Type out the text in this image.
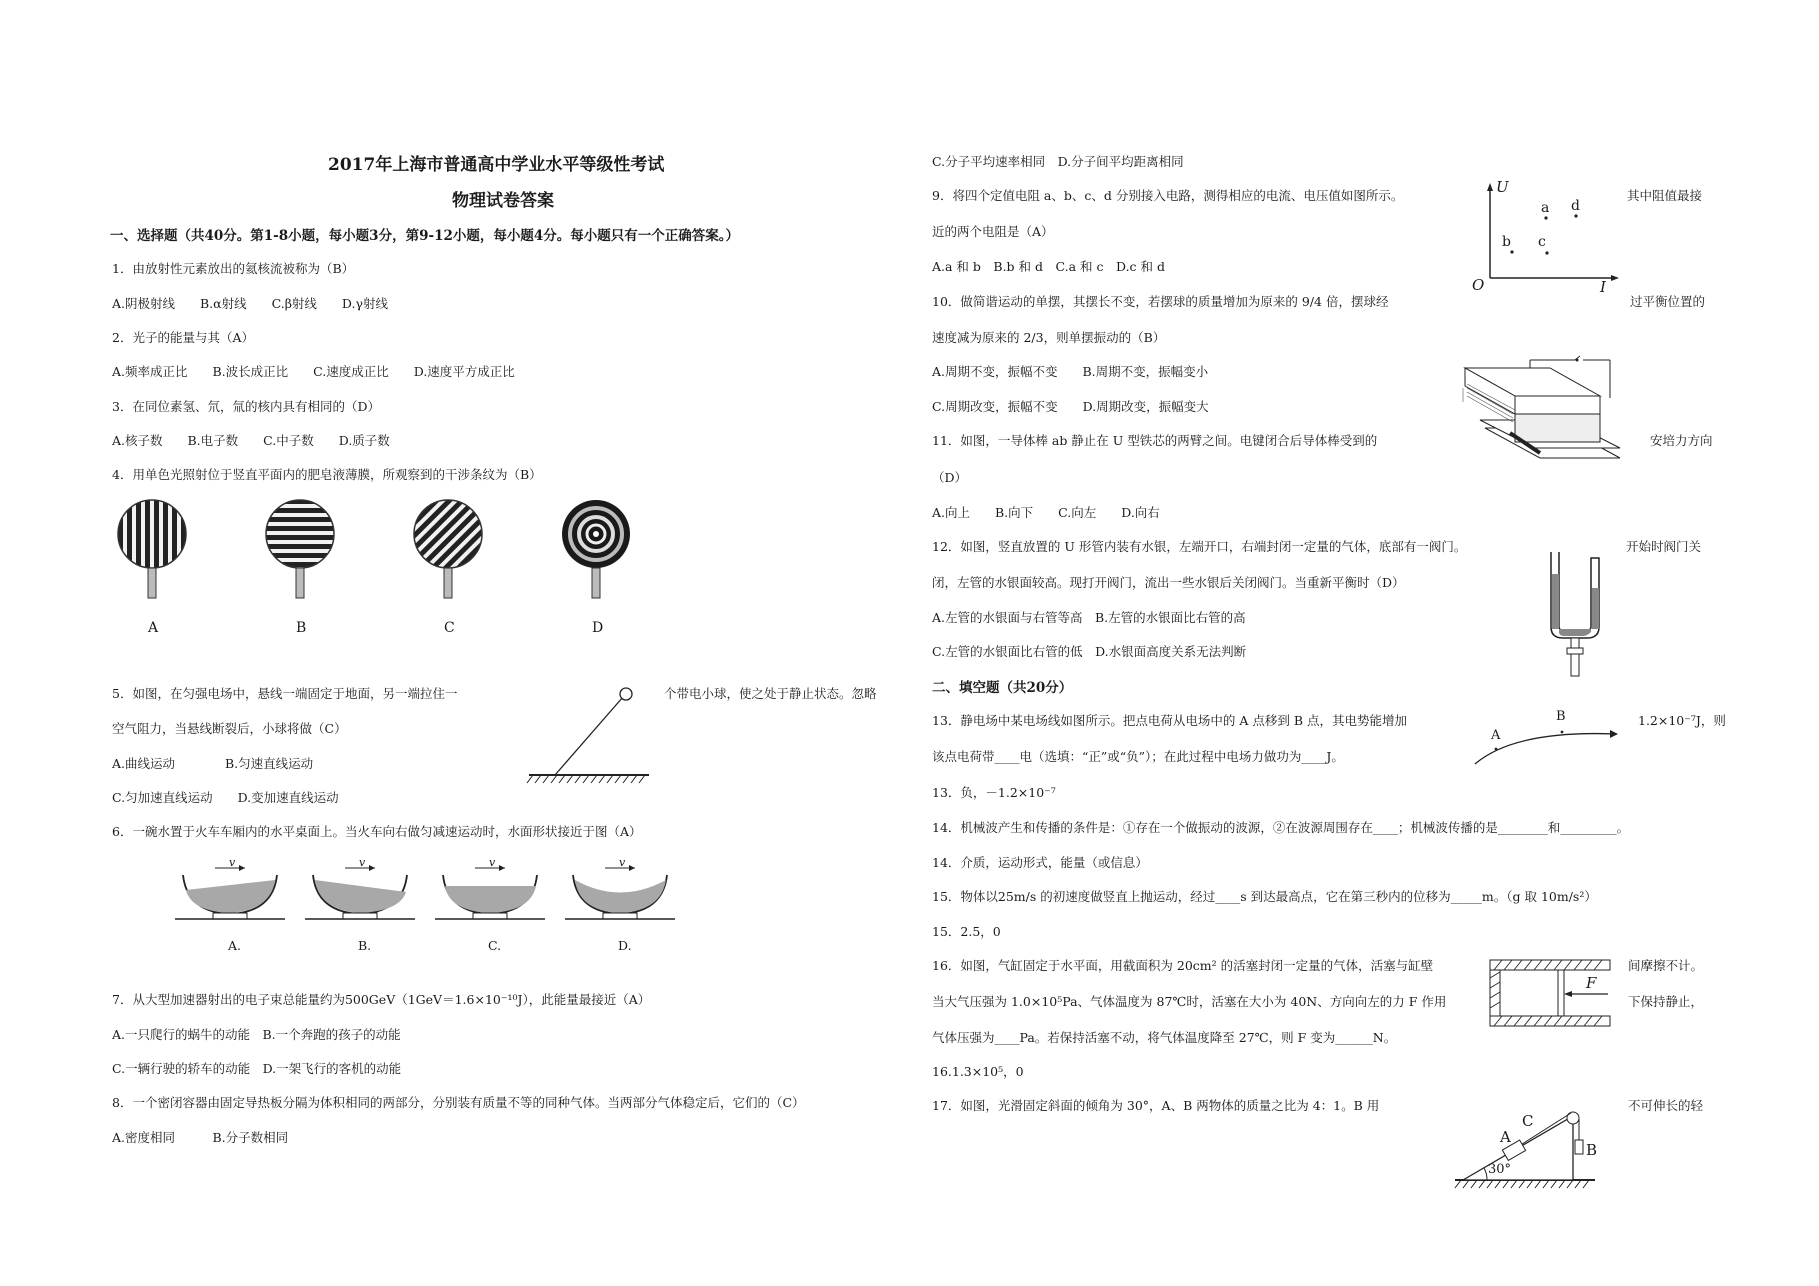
2017年上海市普通高中学业水平等级性考试
物理试卷答案
一、选择题（共40分。第1-8小题，每小题3分，第9-12小题，每小题4分。每小题只有一个正确答案。）
1．由放射性元素放出的氦核流被称为（B）
A.阴极射线　　B.α射线　　C.β射线　　D.γ射线
2．光子的能量与其（A）
A.频率成正比　　B.波长成正比　　C.速度成正比　　D.速度平方成正比
3．在同位素氢、氘，氚的核内具有相同的（D）
A.核子数　　B.电子数　　C.中子数　　D.质子数
4．用单色光照射位于竖直平面内的肥皂液薄膜，所观察到的干涉条纹为（B）
A	B	C	D
5．如图，在匀强电场中，悬线一端固定于地面，另一端拉住一	个带电小球，使之处于静止状态。忽略
空气阻力，当悬线断裂后，小球将做（C）
A.曲线运动　　　　B.匀速直线运动
C.匀加速直线运动　　D.变加速直线运动
6．一碗水置于火车车厢内的水平桌面上。当火车向右做匀减速运动时，水面形状接近于图（A）
v	v	v	v
A.	B.	C.	D.
7．从大型加速器射出的电子束总能量约为500GeV（1GeV＝1.6×10⁻¹⁰J），此能量最接近（A）
A.一只爬行的蜗牛的动能　B.一个奔跑的孩子的动能
C.一辆行驶的轿车的动能　D.一架飞行的客机的动能
8．一个密闭容器由固定导热板分隔为体积相同的两部分，分别装有质量不等的同种气体。当两部分气体稳定后，它们的（C）
A.密度相同　　　B.分子数相同
C.分子平均速率相同　D.分子间平均距离相同
9．将四个定值电阻 a、b、c、d 分别接入电路，测得相应的电流、电压值如图所示。	其中阻值最接
近的两个电阻是（A）
A.a 和 b　B.b 和 d　C.a 和 c　D.c 和 d
U
I
O
a
b c
d
10．做简谐运动的单摆，其摆长不变，若摆球的质量增加为原来的 9/4 倍，摆球经	过平衡位置的
速度减为原来的 2/3，则单摆振动的（B）
A.周期不变，振幅不变　　B.周期不变，振幅变小
C.周期改变，振幅不变　　D.周期改变，振幅变大
11．如图，一导体棒 ab 静止在 U 型铁芯的两臂之间。电键闭合后导体棒受到的	安培力方向
（D）
A.向上　　B.向下　　C.向左　　D.向右
12．如图，竖直放置的 U 形管内装有水银，左端开口，右端封闭一定量的气体，底部有一阀门。	开始时阀门关
闭，左管的水银面较高。现打开阀门，流出一些水银后关闭阀门。当重新平衡时（D）
A.左管的水银面与右管等高　B.左管的水银面比右管的高
C.左管的水银面比右管的低　D.水银面高度关系无法判断
二、填空题（共20分）
13．静电场中某电场线如图所示。把点电荷从电场中的 A 点移到 B 点，其电势能增加	1.2×10⁻⁷J，则
该点电荷带____电（选填：“正”或“负”）；在此过程中电场力做功为____J。
13．负，－1.2×10⁻⁷
A
B
14．机械波产生和传播的条件是：①存在一个做振动的波源，②在波源周围存在____；机械波传播的是________和_________。
14．介质，运动形式，能量（或信息）
15．物体以25m/s 的初速度做竖直上抛运动，经过____s 到达最高点，它在第三秒内的位移为_____m。（g 取 10m/s²）
15．2.5，0
16．如图，气缸固定于水平面，用截面积为 20cm² 的活塞封闭一定量的气体，活塞与缸壁	间摩擦不计。
当大气压强为 1.0×10⁵Pa、气体温度为 87℃时，活塞在大小为 40N、方向向左的力 F 作用	下保持静止，
气体压强为____Pa。若保持活塞不动，将气体温度降至 27℃，则 F 变为______N。
16.1.3×10⁵，0
F
17．如图，光滑固定斜面的倾角为 30°，A、B 两物体的质量之比为 4：1。B 用	不可伸长的轻
A
C
B
30°
